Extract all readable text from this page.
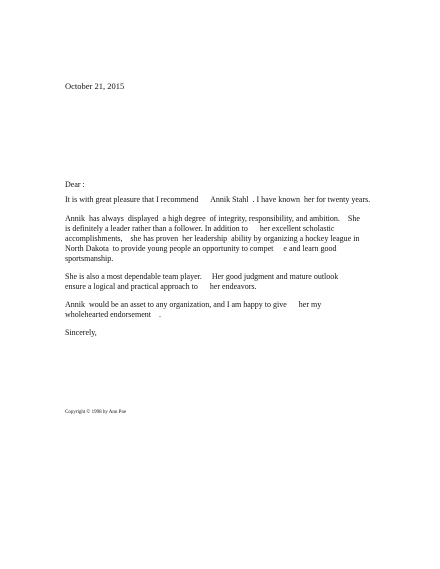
October 21, 2015
Dear :
It is with great pleasure that I recommend      Annik Stahl  . I have known  her for twenty years.
Annik  has always  displayed  a high degree  of integrity, responsibility, and ambition.    She
is definitely a leader rather than a follower. In addition to      her excellent scholastic
accomplishments,    she has proven  her leadership  ability by organizing a hockey league in
North Dakota  to provide young people an opportunity to compet     e and learn good
sportsmanship.
She is also a most dependable team player.     Her good judgment and mature outlook
ensure a logical and practical approach to      her endeavors.
Annik  would be an asset to any organization, and I am happy to give      her my
wholehearted endorsement    .
Sincerely,
Copyright © 1998 by Ann Poe
